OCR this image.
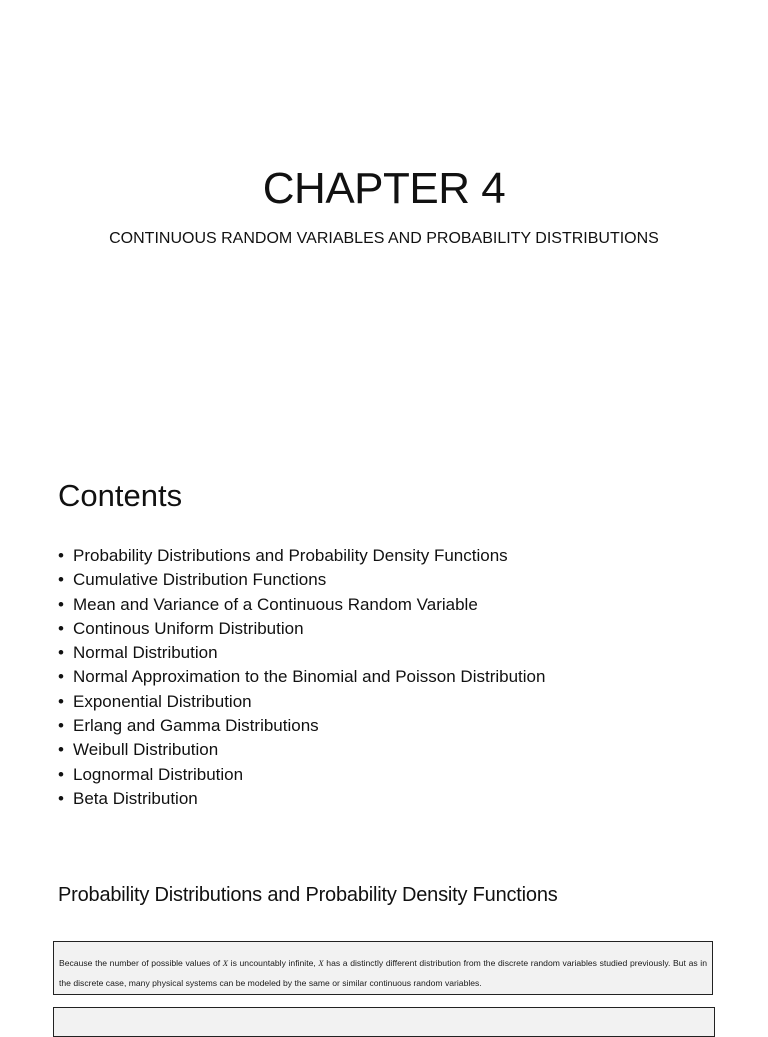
CHAPTER 4

CONTINUOUS RANDOM VARIABLES AND PROBABILITY DISTRIBUTIONS

Contents
• Probability Distributions and Probability Density Functions
• Cumulative Distribution Functions
• Mean and Variance of a Continuous Random Variable
• Continous Uniform Distribution
• Normal Distribution
• Normal Approximation to the Binomial and Poisson Distribution
• Exponential Distribution
• Erlang and Gamma Distributions
• Weibull Distribution
• Lognormal Distribution
• Beta Distribution
Probability Distributions and Probability Density Functions
Because the number of possible values of X is uncountably infinite, X has a distinctly different distribution from the discrete random variables studied previously. But as in the discrete case, many physical systems can be modeled by the same or similar continuous random variables.
